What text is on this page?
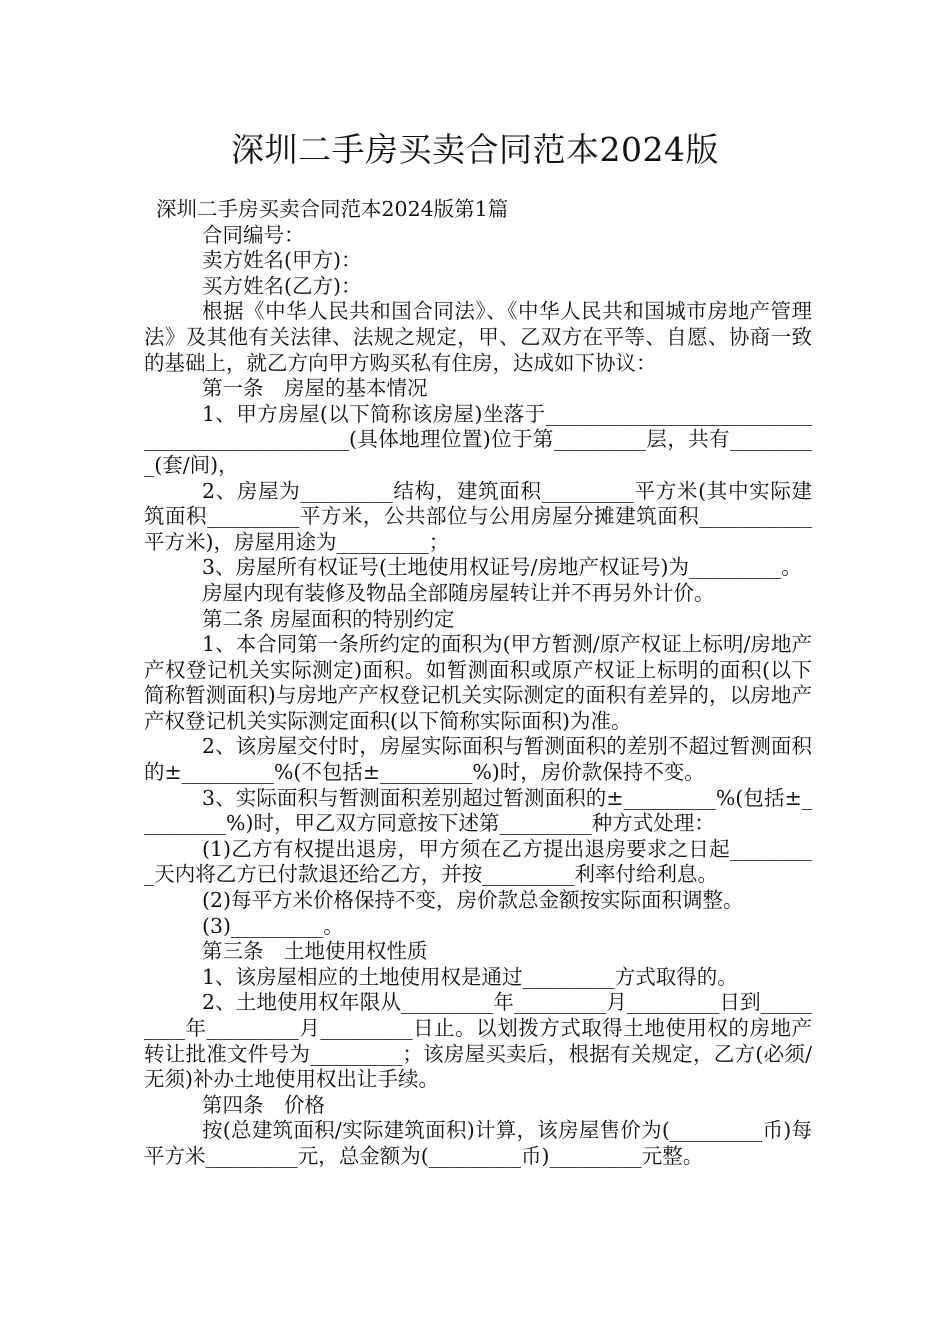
深圳二手房买卖合同范本2024版

深圳二手房买卖合同范本2024版第1篇

合同编号：

卖方姓名(甲方)：

买方姓名(乙方)：

根据《中华人民共和国合同法》、《中华人民共和国城市房地产管理法》及其他有关法律、法规之规定，甲、乙双方在平等、自愿、协商一致的基础上，就乙方向甲方购买私有住房，达成如下协议：

第一条　房屋的基本情况

1、甲方房屋(以下简称该房屋)坐落于______________________________________________(具体地理位置)位于第_________层，共有_________(套/间)，

2、房屋为_________结构，建筑面积_________平方米(其中实际建筑面积_________平方米，公共部位与公用房屋分摊建筑面积___________平方米)，房屋用途为_________；

3、房屋所有权证号(土地使用权证号/房地产权证号)为_________。

房屋内现有装修及物品全部随房屋转让并不再另外计价。

第二条 房屋面积的特别约定

1、本合同第一条所约定的面积为(甲方暂测/原产权证上标明/房地产产权登记机关实际测定)面积。如暂测面积或原产权证上标明的面积(以下简称暂测面积)与房地产产权登记机关实际测定的面积有差异的，以房地产产权登记机关实际测定面积(以下简称实际面积)为准。

2、该房屋交付时，房屋实际面积与暂测面积的差别不超过暂测面积的±_________%(不包括±_________%)时，房价款保持不变。

3、实际面积与暂测面积差别超过暂测面积的±_________%(包括±_________%)时，甲乙双方同意按下述第_________种方式处理：

(1)乙方有权提出退房，甲方须在乙方提出退房要求之日起_________天内将乙方已付款退还给乙方，并按_________利率付给利息。

(2)每平方米价格保持不变，房价款总金额按实际面积调整。

(3)_________。

第三条　土地使用权性质

1、该房屋相应的土地使用权是通过_________方式取得的。

2、土地使用权年限从_________年_________月_________日到_________年_________月_________日止。以划拨方式取得土地使用权的房地产转让批准文件号为_________；该房屋买卖后，根据有关规定，乙方(必须/无须)补办土地使用权出让手续。

第四条　价格

按(总建筑面积/实际建筑面积)计算，该房屋售价为(_________币)每平方米_________元，总金额为(_________币)_________元整。
